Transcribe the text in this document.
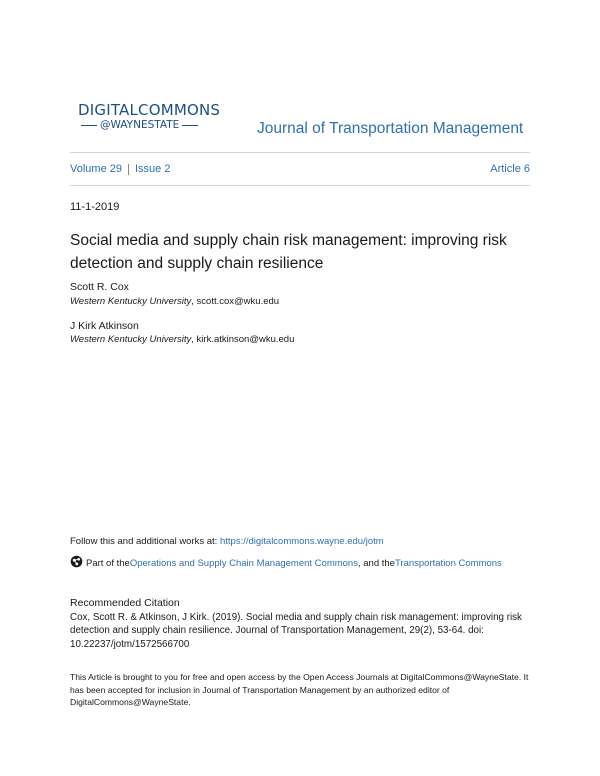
DIGITALCOMMONS
@WAYNESTATE	Journal of Transportation Management
Volume 29 Issue 2	Article 6
11-1-2019
Social media and supply chain risk management: improving risk detection and supply chain resilience
Scott R. Cox
Western Kentucky University, scott.cox@wku.edu
J Kirk Atkinson
Western Kentucky University, kirk.atkinson@wku.edu
Follow this and additional works at: https://digitalcommons.wayne.edu/jotm
Part of the Operations and Supply Chain Management Commons , and the Transportation Commons
Recommended Citation
Cox, Scott R. & Atkinson, J Kirk. (2019). Social media and supply chain risk management: improving risk detection and supply chain resilience. Journal of Transportation Management, 29(2), 53-64. doi: 10.22237/jotm/1572566700
This Article is brought to you for free and open access by the Open Access Journals at DigitalCommons@WayneState. It has been accepted for inclusion in Journal of Transportation Management by an authorized editor of DigitalCommons@WayneState.
